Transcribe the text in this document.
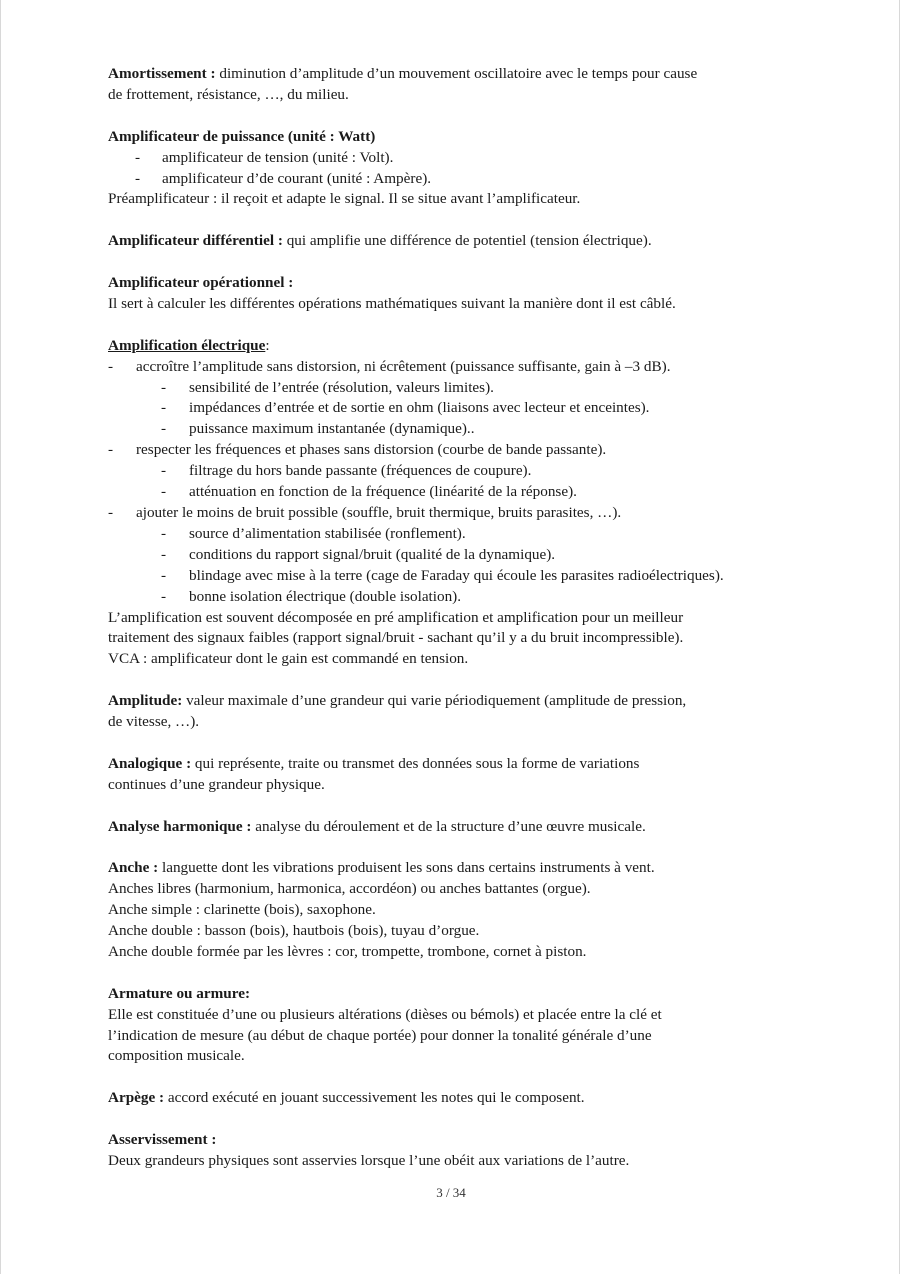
Amortissement : diminution d’amplitude d’un mouvement oscillatoire avec le temps pour cause

de frottement, résistance, …, du milieu.

Amplificateur de puissance (unité : Watt)

-	amplificateur de tension (unité : Volt).
-	amplificateur d’de courant (unité : Ampère).

Préamplificateur : il reçoit et adapte le signal. Il se situe avant l’amplificateur.

Amplificateur différentiel : qui amplifie une différence de potentiel (tension électrique).

Amplificateur opérationnel :

Il sert à calculer les différentes opérations mathématiques suivant la manière dont il est câblé.

Amplification électrique:

-	accroître l’amplitude sans distorsion, ni écrêtement (puissance suffisante, gain à –3 dB).
-	sensibilité de l’entrée (résolution, valeurs limites).
-	impédances d’entrée et de sortie en ohm (liaisons avec lecteur et enceintes).
-	puissance maximum instantanée (dynamique)..
-	respecter les fréquences et phases sans distorsion (courbe de bande passante).
-	filtrage du hors bande passante (fréquences de coupure).
-	atténuation en fonction de la fréquence (linéarité de la réponse).
-	ajouter le moins de bruit possible (souffle, bruit thermique, bruits parasites, …).
-	source d’alimentation stabilisée (ronflement).
-	conditions du rapport signal/bruit (qualité de la dynamique).
-	blindage avec mise à la terre (cage de Faraday qui écoule les parasites radioélectriques).
-	bonne isolation électrique (double isolation).

L’amplification est souvent décomposée en pré amplification et amplification pour un meilleur

traitement des signaux faibles (rapport signal/bruit - sachant qu’il y a du bruit incompressible).

VCA : amplificateur dont le gain est commandé en tension.

Amplitude: valeur maximale d’une grandeur qui varie périodiquement (amplitude de pression,

de vitesse, …).

Analogique : qui représente, traite ou transmet des données sous la forme de variations

continues d’une grandeur physique.

Analyse harmonique : analyse du déroulement et de la structure d’une œuvre musicale.

Anche : languette dont les vibrations produisent les sons dans certains instruments à vent.

Anches libres (harmonium, harmonica, accordéon) ou anches battantes (orgue).

Anche simple : clarinette (bois), saxophone.

Anche double : basson (bois), hautbois (bois), tuyau d’orgue.

Anche double formée par les lèvres : cor, trompette, trombone, cornet à piston.

Armature ou armure:

Elle est constituée d’une ou plusieurs altérations (dièses ou bémols) et placée entre la clé et

l’indication de mesure (au début de chaque portée) pour donner la tonalité générale d’une

composition musicale.

Arpège : accord exécuté en jouant successivement les notes qui le composent.

Asservissement :

Deux grandeurs physiques sont asservies lorsque l’une obéit aux variations de l’autre.

3 / 34
